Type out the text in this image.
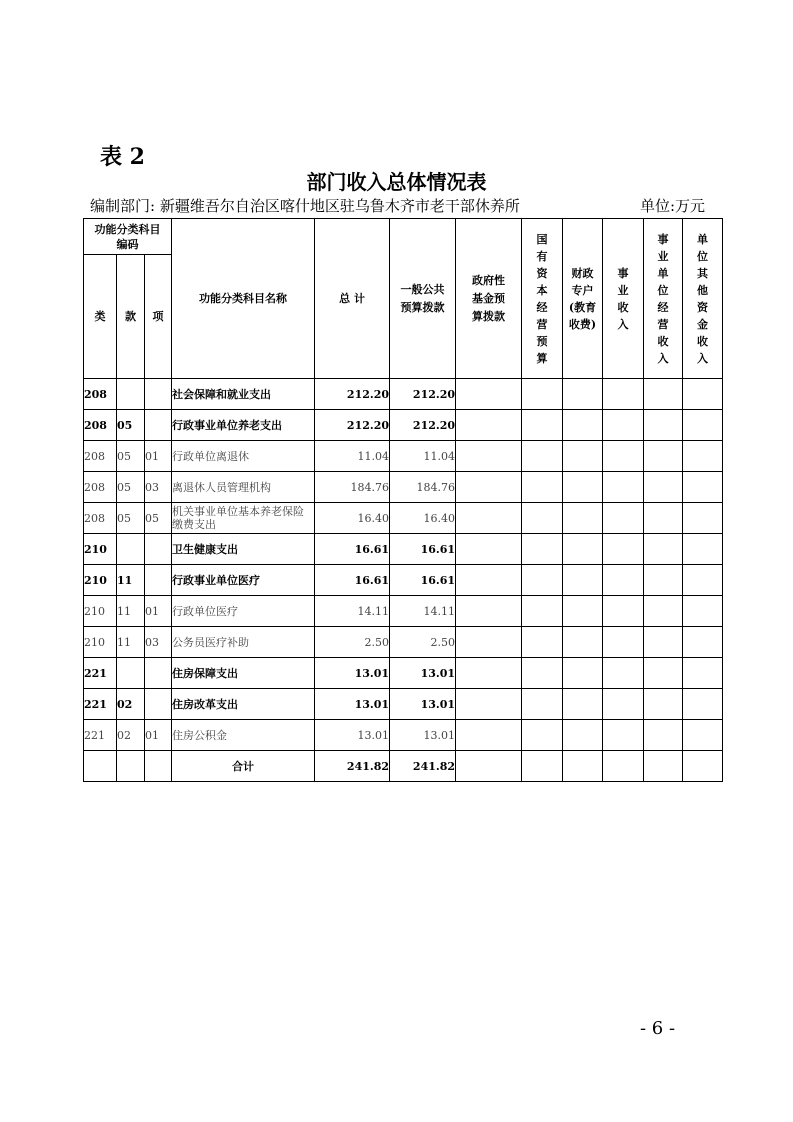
表 2
部门收入总体情况表
编制部门: 新疆维吾尔自治区喀什地区驻乌鲁木齐市老干部休养所	单位:万元
功能分类科目编码			功能分类科目名称	总 计	一般公共预算拨款	政府性基金预算拨款	国有资本经营预算	财政专户(教育收费)	事业收入	事业单位经营收入	单位其他资金收入

类	款	项									
208			社会保障和就业支出	212.20	212.20						
208	05		行政事业单位养老支出	212.20	212.20						
208	05	01	行政单位离退休	11.04	11.04						
208	05	03	离退休人员管理机构	184.76	184.76						
208	05	05	机关事业单位基本养老保险缴费支出	16.40	16.40						
210			卫生健康支出	16.61	16.61						
210	11		行政事业单位医疗	16.61	16.61						
210	11	01	行政单位医疗	14.11	14.11						
210	11	03	公务员医疗补助	2.50	2.50						
221			住房保障支出	13.01	13.01						
221	02		住房改革支出	13.01	13.01						
221	02	01	住房公积金	13.01	13.01						
			合计	241.82	241.82						
- 6 -
